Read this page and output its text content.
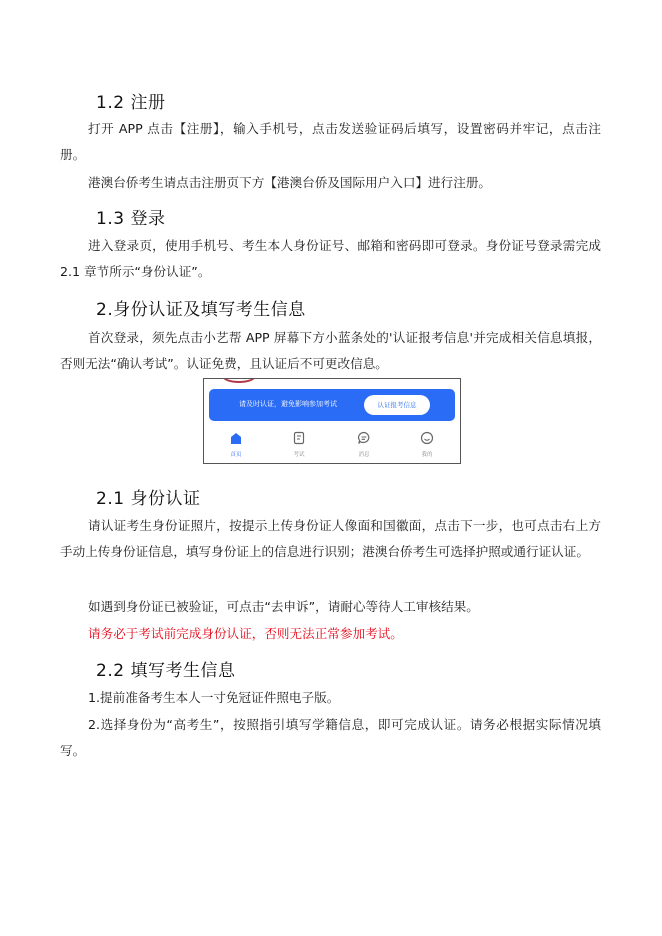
1.2 注册

打开 APP 点击【注册】，输入手机号，点击发送验证码后填写，设置密码并牢记，点击注册。

港澳台侨考生请点击注册页下方【港澳台侨及国际用户入口】进行注册。

1.3 登录

进入登录页，使用手机号、考生本人身份证号、邮箱和密码即可登录。身份证号登录需完成 2.1 章节所示“身份认证”。

2.身份认证及填写考生信息

首次登录，须先点击小艺帮 APP 屏幕下方小蓝条处的'认证报考信息'并完成相关信息填报，否则无法“确认考试”。认证免费，且认证后不可更改信息。

请及时认证，避免影响参加考试	认证报考信息
首页	考试	消息	我的
2.1 身份认证

请认证考生身份证照片，按提示上传身份证人像面和国徽面，点击下一步，也可点击右上方手动上传身份证信息，填写身份证上的信息进行识别；港澳台侨考生可选择护照或通行证认证。

如遇到身份证已被验证，可点击“去申诉”，请耐心等待人工审核结果。

请务必于考试前完成身份认证，否则无法正常参加考试。

2.2 填写考生信息

1.提前准备考生本人一寸免冠证件照电子版。

2.选择身份为“高考生”，按照指引填写学籍信息，即可完成认证。请务必根据实际情况填写。
